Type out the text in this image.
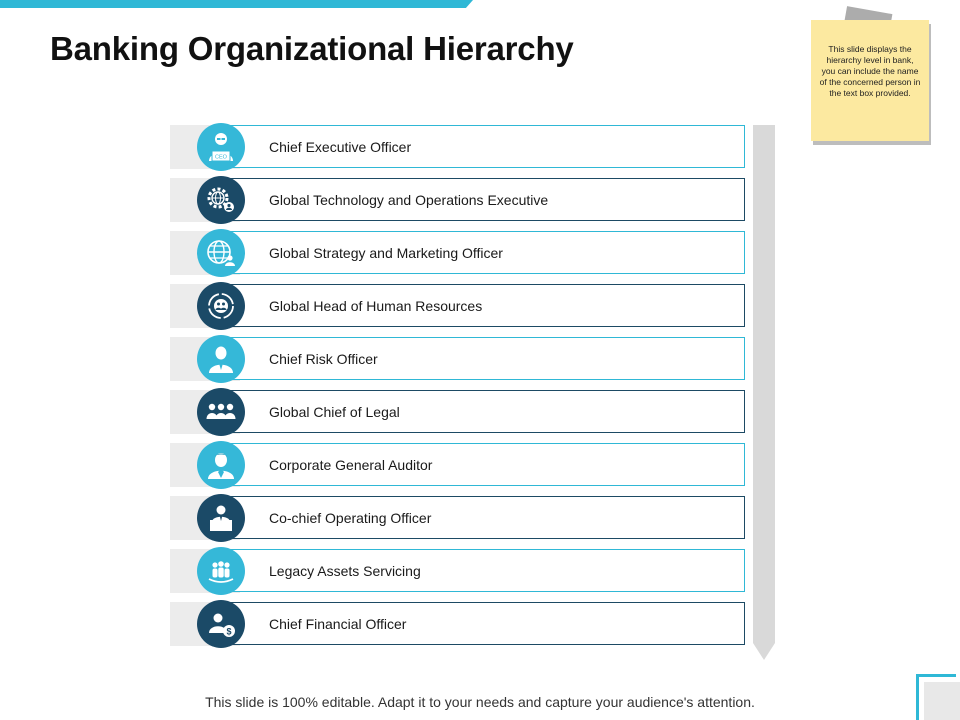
Banking Organizational Hierarchy	This slide displays the hierarchy level in bank, you can include the name of the concerned person in the text box provided.
Chief Executive Officer
CEO
Global Technology and Operations Executive
Global Strategy and Marketing Officer
Global Head of Human Resources
Chief Risk Officer
Global Chief of Legal
Corporate General Auditor
Co-chief Operating Officer
Legacy Assets Servicing
Chief Financial Officer
$
This slide is 100% editable. Adapt it to your needs and capture your audience's attention.
